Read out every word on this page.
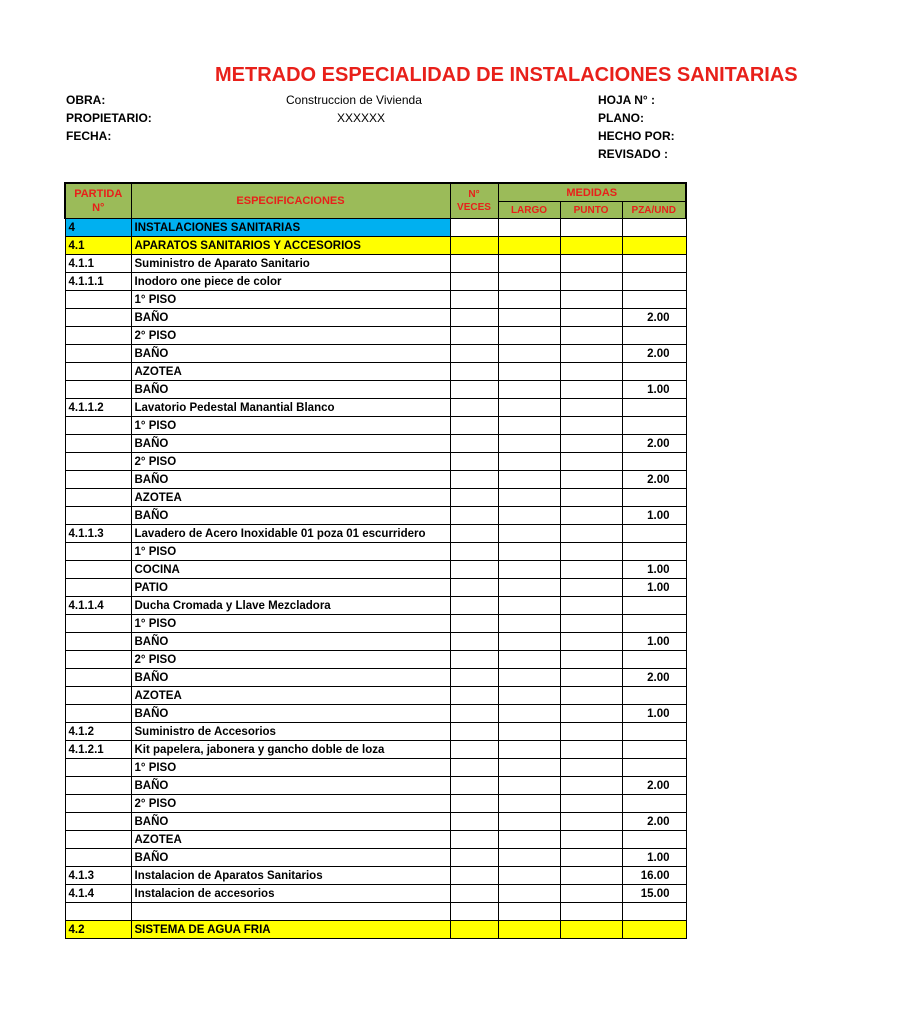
METRADO ESPECIALIDAD DE INSTALACIONES SANITARIAS
OBRA:	Construccion de Vivienda
PROPIETARIO:	XXXXXX
FECHA:
HOJA N° :
PLANO:
HECHO POR:
REVISADO :
PARTIDA N°	ESPECIFICACIONES	N° VECES	MEDIDAS		
			LARGO	PUNTO	PZA/UND
4	INSTALACIONES SANITARIAS				
4.1	APARATOS SANITARIOS Y ACCESORIOS				
4.1.1	Suministro de Aparato Sanitario				
4.1.1.1	Inodoro one piece de color				
	1° PISO				
	BAÑO				2.00
	2° PISO				
	BAÑO				2.00
	AZOTEA				
	BAÑO				1.00
4.1.1.2	Lavatorio Pedestal Manantial Blanco				
	1° PISO				
	BAÑO				2.00
	2° PISO				
	BAÑO				2.00
	AZOTEA				
	BAÑO				1.00
4.1.1.3	Lavadero de Acero Inoxidable 01 poza 01 escurridero				
	1° PISO				
	COCINA				1.00
	PATIO				1.00
4.1.1.4	Ducha Cromada y Llave Mezcladora				
	1° PISO				
	BAÑO				1.00
	2° PISO				
	BAÑO				2.00
	AZOTEA				
	BAÑO				1.00
4.1.2	Suministro de Accesorios				
4.1.2.1	Kit papelera, jabonera y gancho doble de loza				
	1° PISO				
	BAÑO				2.00
	2° PISO				
	BAÑO				2.00
	AZOTEA				
	BAÑO				1.00
4.1.3	Instalacion de Aparatos Sanitarios				16.00
4.1.4	Instalacion de accesorios				15.00

4.2	SISTEMA DE AGUA FRIA				
